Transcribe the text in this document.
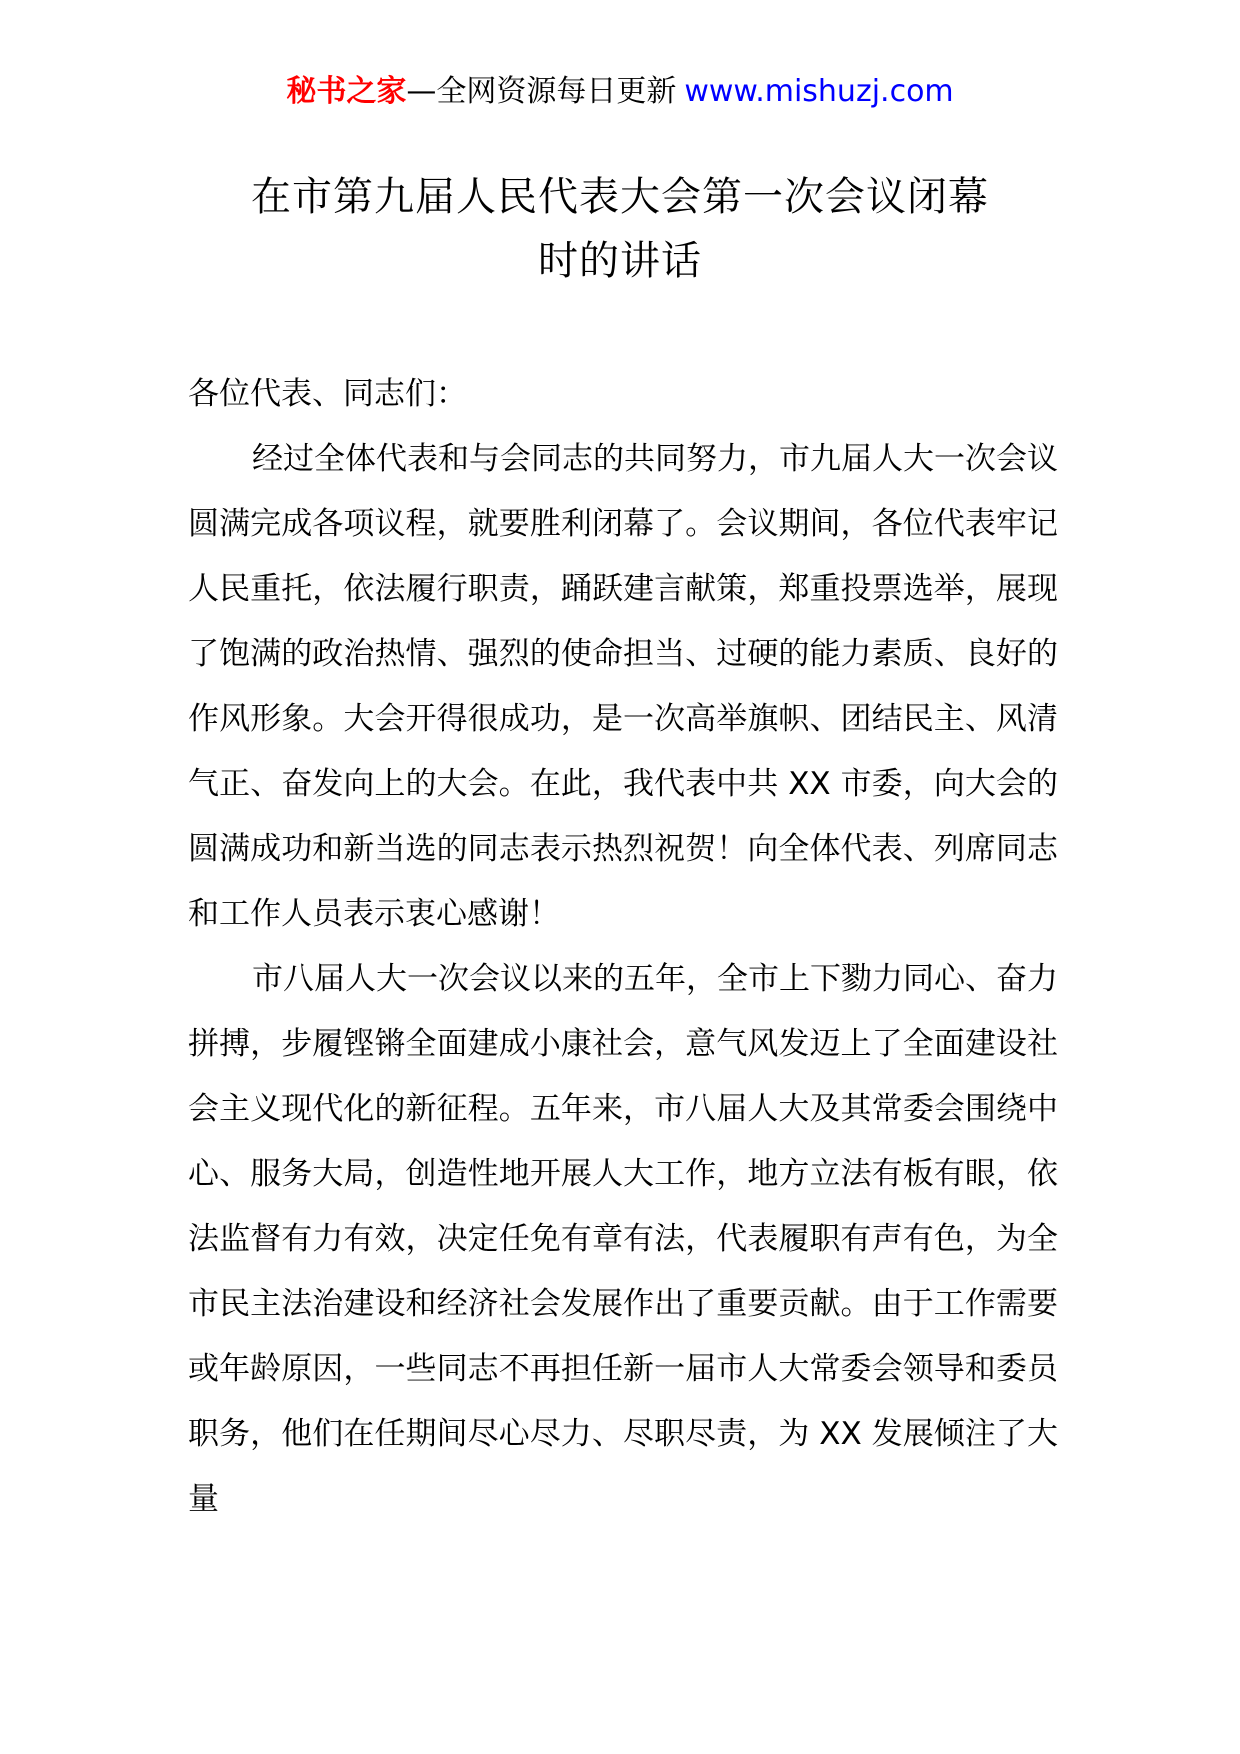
秘书之家—全网资源每日更新 www.mishuzj.com
在市第九届人民代表大会第一次会议闭幕
时的讲话

各位代表、同志们：

经过全体代表和与会同志的共同努力，市九届人大一次会议圆满完成各项议程，就要胜利闭幕了。会议期间，各位代表牢记人民重托，依法履行职责，踊跃建言献策，郑重投票选举，展现了饱满的政治热情、强烈的使命担当、过硬的能力素质、良好的作风形象。大会开得很成功，是一次高举旗帜、团结民主、风清气正、奋发向上的大会。在此，我代表中共 XX 市委，向大会的圆满成功和新当选的同志表示热烈祝贺！向全体代表、列席同志和工作人员表示衷心感谢！

市八届人大一次会议以来的五年，全市上下勠力同心、奋力拼搏，步履铿锵全面建成小康社会，意气风发迈上了全面建设社会主义现代化的新征程。五年来，市八届人大及其常委会围绕中心、服务大局，创造性地开展人大工作，地方立法有板有眼，依法监督有力有效，决定任免有章有法，代表履职有声有色，为全市民主法治建设和经济社会发展作出了重要贡献。由于工作需要或年龄原因，一些同志不再担任新一届市人大常委会领导和委员职务，他们在任期间尽心尽力、尽职尽责，为 XX 发展倾注了大量
